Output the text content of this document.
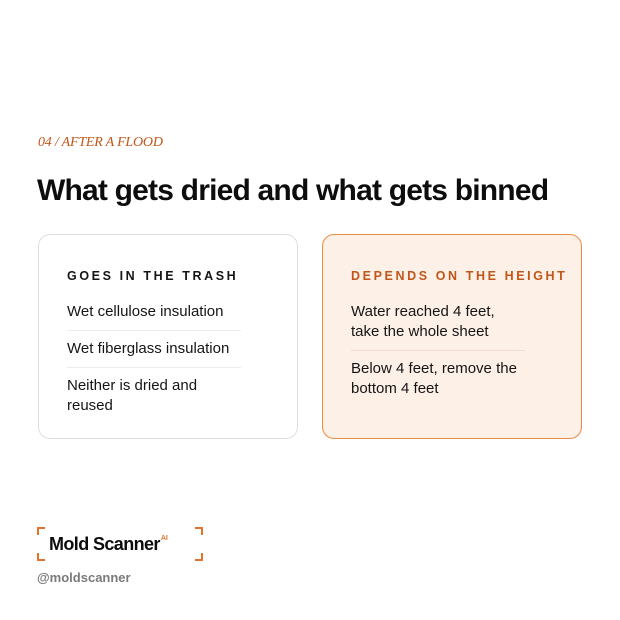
04 / AFTER A FLOOD
What gets dried and what gets binned
GOES IN THE TRASH
Wet cellulose insulation
Wet fiberglass insulation
Neither is dried and reused
DEPENDS ON THE HEIGHT
Water reached 4 feet, take the whole sheet
Below 4 feet, remove the bottom 4 feet
Mold Scanner$^{AI}$
@moldscanner
